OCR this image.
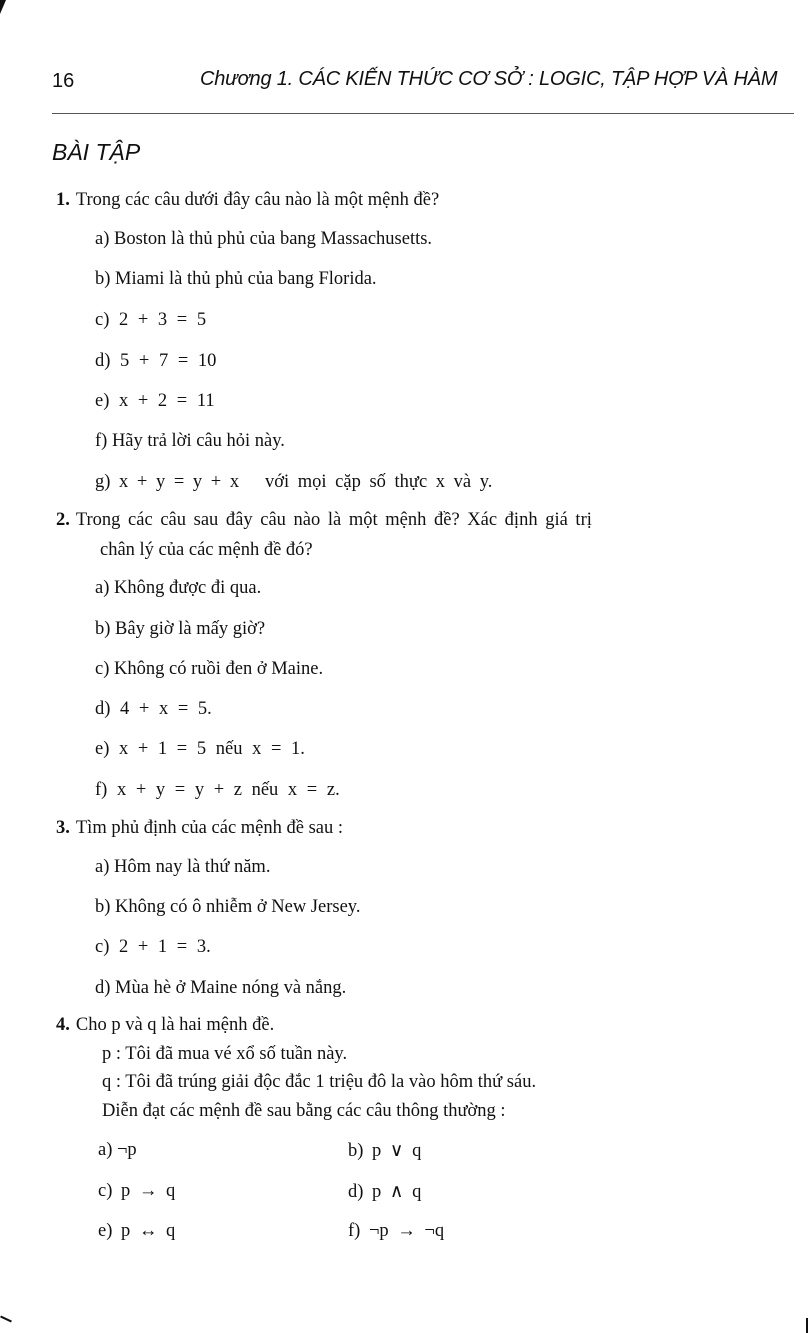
16	Chương 1. CÁC KIẾN THỨC CƠ SỞ : LOGIC, TẬP HỢP VÀ HÀM
BÀI TẬP
1. Trong các câu dưới đây câu nào là một mệnh đề?
a) Boston là thủ phủ của bang Massachusetts.
b) Miami là thủ phủ của bang Florida.
c) 2 + 3 = 5
d) 5 + 7 = 10
e) x + 2 = 11
f) Hãy trả lời câu hỏi này.
g) x + y = y + x   với mọi cặp số thực x và y.
2. Trong các câu sau đây câu nào là một mệnh đề? Xác định giá trị
chân lý của các mệnh đề đó?
a) Không được đi qua.
b) Bây giờ là mấy giờ?
c) Không có ruồi đen ở Maine.
d) 4 + x = 5.
e) x + 1 = 5 nếu x = 1.
f) x + y = y + z nếu x = z.
3. Tìm phủ định của các mệnh đề sau :
a) Hôm nay là thứ năm.
b) Không có ô nhiễm ở New Jersey.
c) 2 + 1 = 3.
d) Mùa hè ở Maine nóng và nắng.
4. Cho p và q là hai mệnh đề.
p : Tôi đã mua vé xổ số tuần này.
q : Tôi đã trúng giải độc đắc 1 triệu đô la vào hôm thứ sáu.
Diễn đạt các mệnh đề sau bằng các câu thông thường :
a) ¬p	b) p ∨ q
c) p → q	d) p ∧ q
e) p ↔ q	f) ¬p → ¬q
